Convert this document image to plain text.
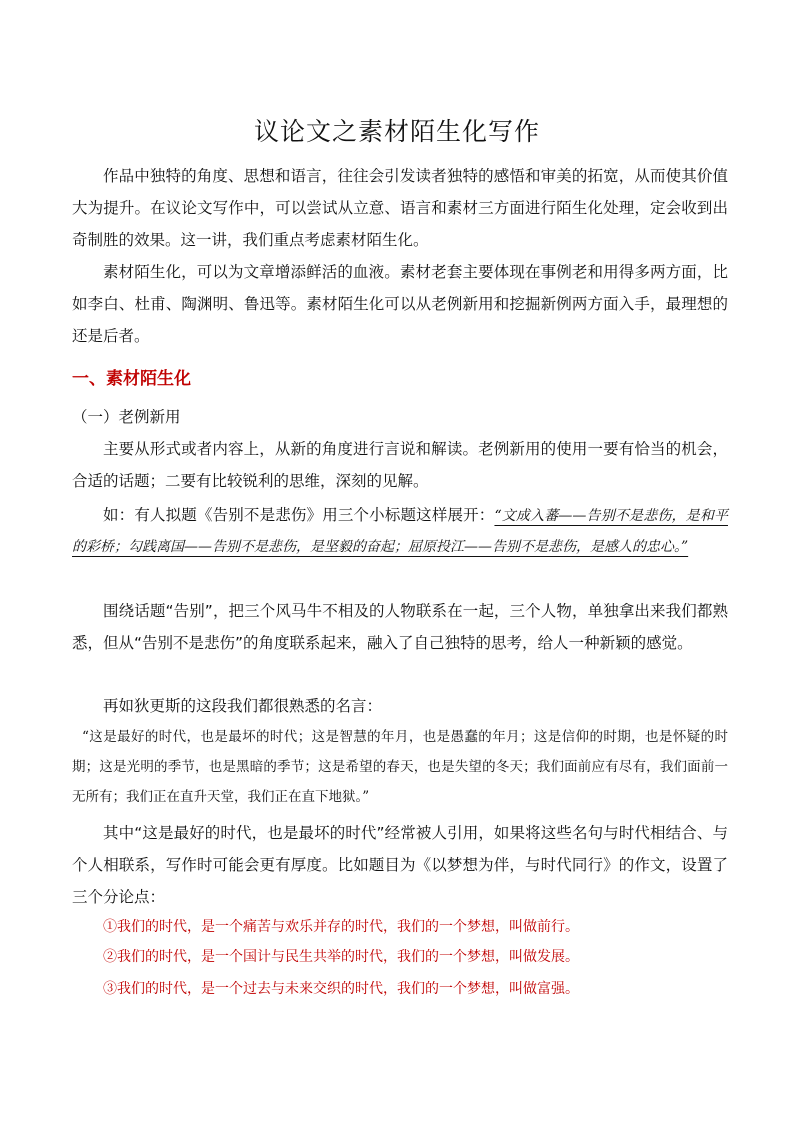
议论文之素材陌生化写作

作品中独特的角度、思想和语言，往往会引发读者独特的感悟和审美的拓宽，从而使其价值大为提升。在议论文写作中，可以尝试从立意、语言和素材三方面进行陌生化处理，定会收到出奇制胜的效果。这一讲，我们重点考虑素材陌生化。

素材陌生化，可以为文章增添鲜活的血液。素材老套主要体现在事例老和用得多两方面，比如李白、杜甫、陶渊明、鲁迅等。素材陌生化可以从老例新用和挖掘新例两方面入手，最理想的还是后者。

一、素材陌生化

（一）老例新用

主要从形式或者内容上，从新的角度进行言说和解读。老例新用的使用一要有恰当的机会，合适的话题；二要有比较锐利的思维，深刻的见解。

如：有人拟题《告别不是悲伤》用三个小标题这样展开：“文成入蕃——告别不是悲伤，是和平的彩桥；勾践离国——告别不是悲伤，是坚毅的奋起；屈原投江——告别不是悲伤，是感人的忠心。”

围绕话题“告别”，把三个风马牛不相及的人物联系在一起，三个人物，单独拿出来我们都熟悉，但从“告别不是悲伤”的角度联系起来，融入了自己独特的思考，给人一种新颖的感觉。

再如狄更斯的这段我们都很熟悉的名言：

“这是最好的时代，也是最坏的时代；这是智慧的年月，也是愚蠢的年月；这是信仰的时期，也是怀疑的时期；这是光明的季节，也是黑暗的季节；这是希望的春天，也是失望的冬天；我们面前应有尽有，我们面前一无所有；我们正在直升天堂，我们正在直下地狱。”

其中“这是最好的时代，也是最坏的时代”经常被人引用，如果将这些名句与时代相结合、与个人相联系，写作时可能会更有厚度。比如题目为《以梦想为伴，与时代同行》的作文，设置了三个分论点：

①我们的时代，是一个痛苦与欢乐并存的时代，我们的一个梦想，叫做前行。

②我们的时代，是一个国计与民生共举的时代，我们的一个梦想，叫做发展。

③我们的时代，是一个过去与未来交织的时代，我们的一个梦想，叫做富强。
